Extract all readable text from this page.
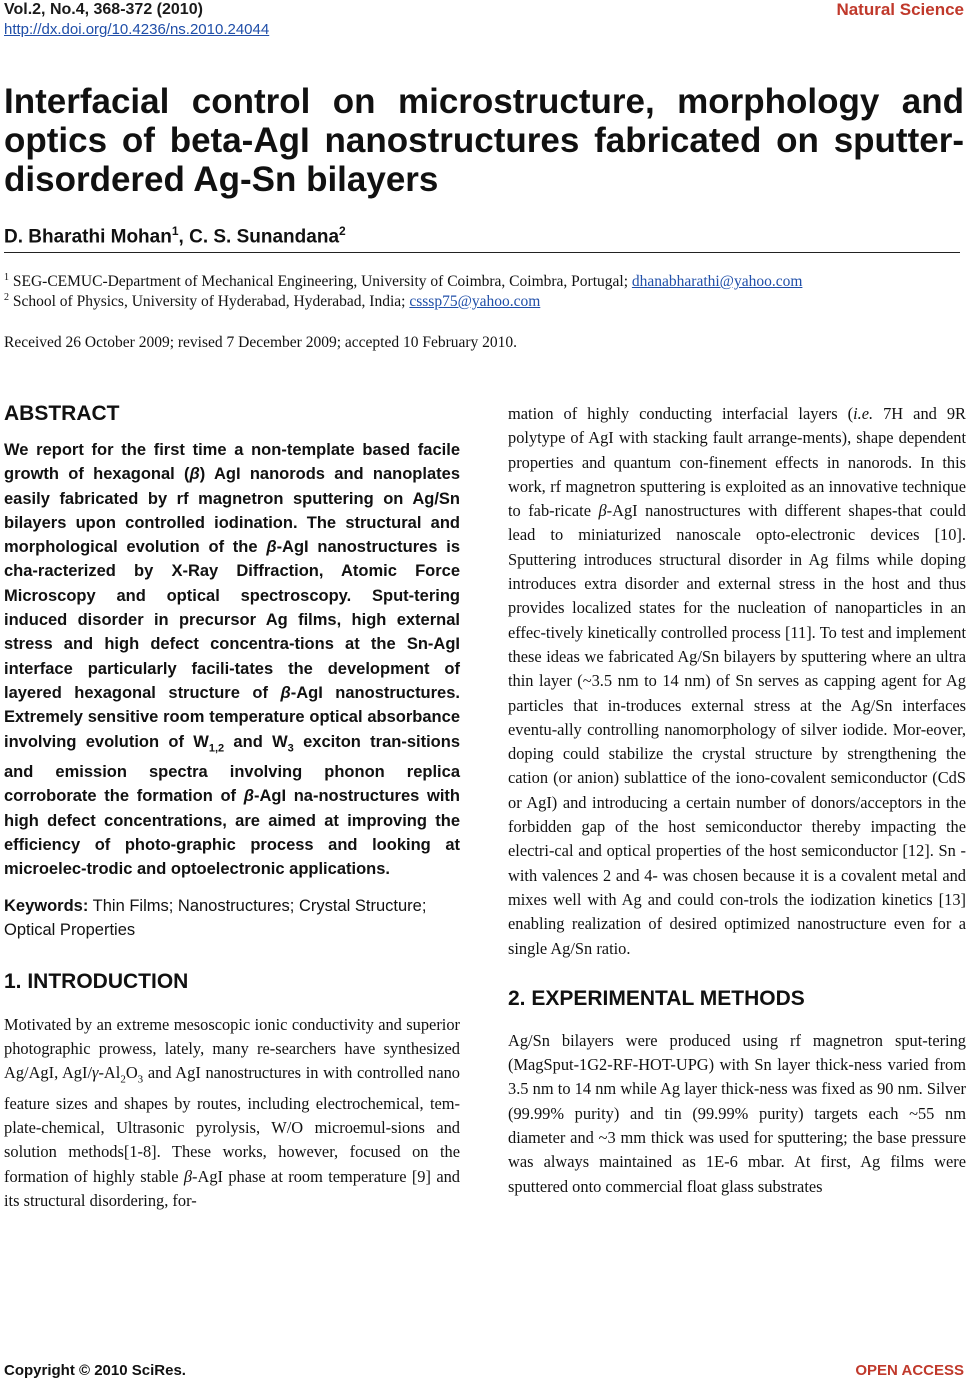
Vol.2, No.4, 368-372 (2010)
http://dx.doi.org/10.4236/ns.2010.24044
Natural Science
Interfacial control on microstructure, morphology and optics of beta-AgI nanostructures fabricated on sputter-disordered Ag-Sn bilayers
D. Bharathi Mohan$^1$, C. S. Sunandana$^2$
$^1$ SEG-CEMUC-Department of Mechanical Engineering, University of Coimbra, Coimbra, Portugal; dhanabharathi@yahoo.com
$^2$ School of Physics, University of Hyderabad, Hyderabad, India; csssp75@yahoo.com
Received 26 October 2009; revised 7 December 2009; accepted 10 February 2010.
ABSTRACT

We report for the first time a non-template based facile growth of hexagonal (β) AgI nanorods and nanoplates easily fabricated by rf magnetron sputtering on Ag/Sn bilayers upon controlled iodination. The structural and morphological evolution of the β-AgI nanostructures is cha-racterized by X-Ray Diffraction, Atomic Force Microscopy and optical spectroscopy. Sput-tering induced disorder in precursor Ag films, high external stress and high defect concentra-tions at the Sn-AgI interface particularly facili-tates the development of layered hexagonal structure of β-AgI nanostructures. Extremely sensitive room temperature optical absorbance involving evolution of $W_{1,2}$ and $W_3$ exciton tran-sitions and emission spectra involving phonon replica corroborate the formation of β-AgI na-nostructures with high defect concentrations, are aimed at improving the efficiency of photo-graphic process and looking at microelec-trodic and optoelectronic applications.

Keywords: Thin Films; Nanostructures; Crystal Structure; Optical Properties

1. INTRODUCTION

Motivated by an extreme mesoscopic ionic conductivity and superior photographic prowess, lately, many re-searchers have synthesized Ag/AgI, AgI/$\gamma-Al_2O_3$ and AgI nanostructures in with controlled nano feature sizes and shapes by routes, including electrochemical, tem-plate-chemical, Ultrasonic pyrolysis, W/O microemul-sions and solution methods[1-8]. These works, however, focused on the formation of highly stable β-AgI phase at room temperature [9] and its structural disordering, for-

mation of highly conducting interfacial layers (i.e. 7H and 9R polytype of AgI with stacking fault arrange-ments), shape dependent properties and quantum con-finement effects in nanorods. In this work, rf magnetron sputtering is exploited as an innovative technique to fab-ricate β-AgI nanostructures with different shapes-that could lead to miniaturized nanoscale opto-electronic devices [10]. Sputtering introduces structural disorder in Ag films while doping introduces extra disorder and external stress in the host and thus provides localized states for the nucleation of nanoparticles in an effec-tively kinetically controlled process [11]. To test and implement these ideas we fabricated Ag/Sn bilayers by sputtering where an ultra thin layer (~3.5 nm to 14 nm) of Sn serves as capping agent for Ag particles that in-troduces external stress at the Ag/Sn interfaces eventu-ally controlling nanomorphology of silver iodide. Mor-eover, doping could stabilize the crystal structure by strengthening the cation (or anion) sublattice of the iono-covalent semiconductor (CdS or AgI) and introducing a certain number of donors/acceptors in the forbidden gap of the host semiconductor thereby impacting the electri-cal and optical properties of the host semiconductor [12]. Sn -with valences 2 and 4- was chosen because it is a covalent metal and mixes well with Ag and could con-trols the iodization kinetics [13] enabling realization of desired optimized nanostructure even for a single Ag/Sn ratio.

2. EXPERIMENTAL METHODS

Ag/Sn bilayers were produced using rf magnetron sput-tering (MagSput-1G2-RF-HOT-UPG) with Sn layer thick-ness varied from 3.5 nm to 14 nm while Ag layer thick-ness was fixed as 90 nm. Silver (99.99% purity) and tin (99.99% purity) targets each ~55 nm diameter and ~3 mm thick was used for sputtering; the base pressure was always maintained as 1E-6 mbar. At first, Ag films were sputtered onto commercial float glass substrates

Copyright © 2010 SciRes.	OPEN ACCESS
